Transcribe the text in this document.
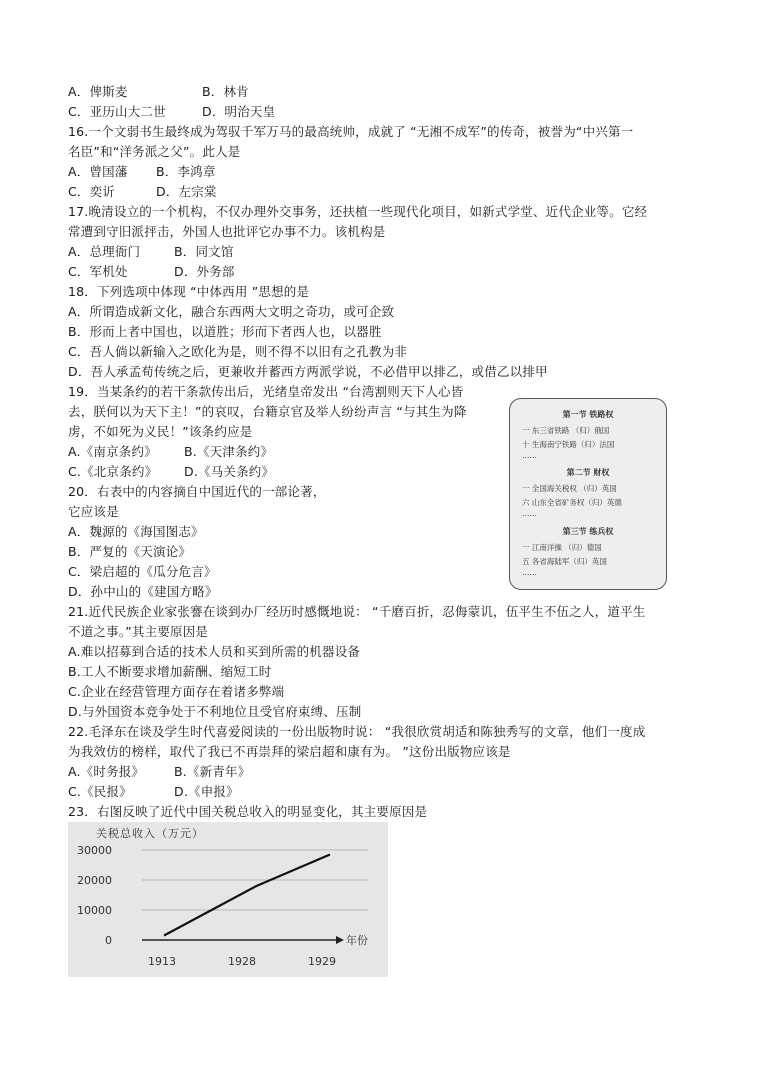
A．俾斯麦	B．林肯
C．亚历山大二世	D．明治天皇
16.一个文弱书生最终成为驾驭千军万马的最高统帅，成就了 “无湘不成军”的传奇，被誉为“中兴第一
名臣”和“洋务派之父”。此人是
A．曾国藩 B．李鸿章
C．奕䜣	D．左宗棠
17.晚清设立的一个机构，不仅办理外交事务，还扶植一些现代化项目，如新式学堂、近代企业等。它经
常遭到守旧派抨击，外国人也批评它办事不力。该机构是
A．总理衙门	B．同文馆
C．军机处	D．外务部
18．下列选项中体现 “中体西用 ”思想的是
A．所谓造成新文化，融合东西两大文明之奇功，或可企致
B．形而上者中国也，以道胜；形而下者西人也，以器胜
C．吾人倘以新输入之欧化为是，则不得不以旧有之孔教为非
D．吾人承孟荀传统之后，更兼收并蓄西方两派学说，不必借甲以排乙，或借乙以排甲
19．当某条约的若干条款传出后，光绪皇帝发出 “台湾割则天下人心皆
去，朕何以为天下主！”的哀叹，台籍京官及举人纷纷声言 “与其生为降
虏，不如死为义民！”该条约应是
A.《南京条约》 B.《天津条约》
C.《北京条约》 D.《马关条约》
20．右表中的内容摘自中国近代的一部论著，
它应该是
A．魏源的《海国图志》
B．严复的《天演论》
C．梁启超的《瓜分危言》
D．孙中山的《建国方略》
第一节 铁路权
一 东三省铁路 （归）俄国
十 生海南宁铁路（归）法国
……
第二节 财权
一 全国海关税权 （归）英国
六 山东全省矿务权（归）英德
……
第三节 练兵权
一 江南洋操 （归）德国
五 各省海陆军（归）英国
……
21.近代民族企业家张謇在谈到办厂经历时感慨地说： “千磨百折，忍侮蒙讥，伍平生不伍之人，道平生
不道之事。”其主要原因是
A.难以招募到合适的技术人员和买到所需的机器设备
B.工人不断要求增加薪酬、缩短工时
C.企业在经营管理方面存在着诸多弊端
D.与外国资本竞争处于不利地位且受官府束缚、压制
22.毛泽东在谈及学生时代喜爱阅读的一份出版物时说： “我很欣赏胡适和陈独秀写的文章，他们一度成
为我效仿的榜样，取代了我已不再崇拜的梁启超和康有为。 ”这份出版物应该是
A.《时务报》 B.《新青年》
C.《民报》	D.《申报》
23．右图反映了近代中国关税总收入的明显变化，其主要原因是
关税总收入（万元）
30000
20000
10000
0	年份
1913	1928	1929
